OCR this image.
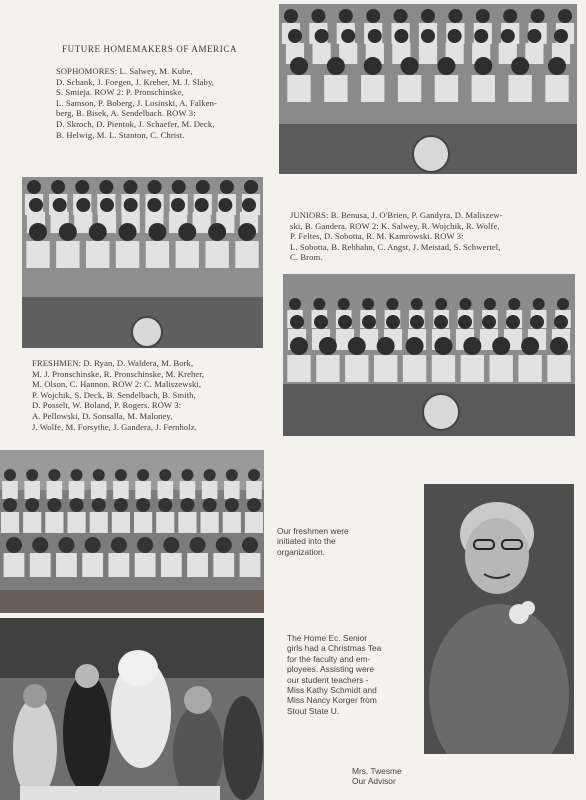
FUTURE HOMEMAKERS OF AMERICA
SOPHOMORES: L. Salwey, M. Kube,
D. Schank, J. Foegen, J. Kreher, M. J. Slaby,
S. Smieja. ROW 2: P. Pronschinske,
L. Samson, P. Boberg, J. Losinski, A. Falken-
berg, B. Bisek, A. Sendelbach. ROW 3:
D. Skroch, D. Pientok, J. Schaefer, M. Deck,
B. Helwig, M. L. Stanton, C. Christ.
JUNIORS: B. Benusa, J. O'Brien, P. Gandyra, D. Maliszew-
ski, B. Gandera. ROW 2: K. Salwey, R. Wojchik, R. Wolfe,
P. Feltes, D. Sobotta, R. M. Kamrowski. ROW 3:
L. Sobotta, B. Rebhahn, C. Angst, J. Meistad, S. Schwertel,
C. Brom.
FRESHMEN: D. Ryan, D. Waldera, M. Bork,
M. J. Pronschinske, R. Pronschinske, M. Kreher,
M. Olson, C. Hannon. ROW 2: C. Maliszewski,
P. Wojchik, S. Deck, B. Sendelbach, B. Smith,
D. Posselt, W. Boland, P. Rogers. ROW 3:
A. Pellowski, D. Sonsalla, M. Maloney,
J. Wolfe, M. Forsythe, J. Gandera, J. Fernholz.
Our freshmen were
initiated into the
organization.
The Home Ec. Senior
girls had a Christmas Tea
for the faculty and em-
ployees. Assisting were
our student teachers -
Miss Kathy Schmidt and
Miss Nancy Korger from
Stout State U.
Mrs. Twesme
Our Advisor
